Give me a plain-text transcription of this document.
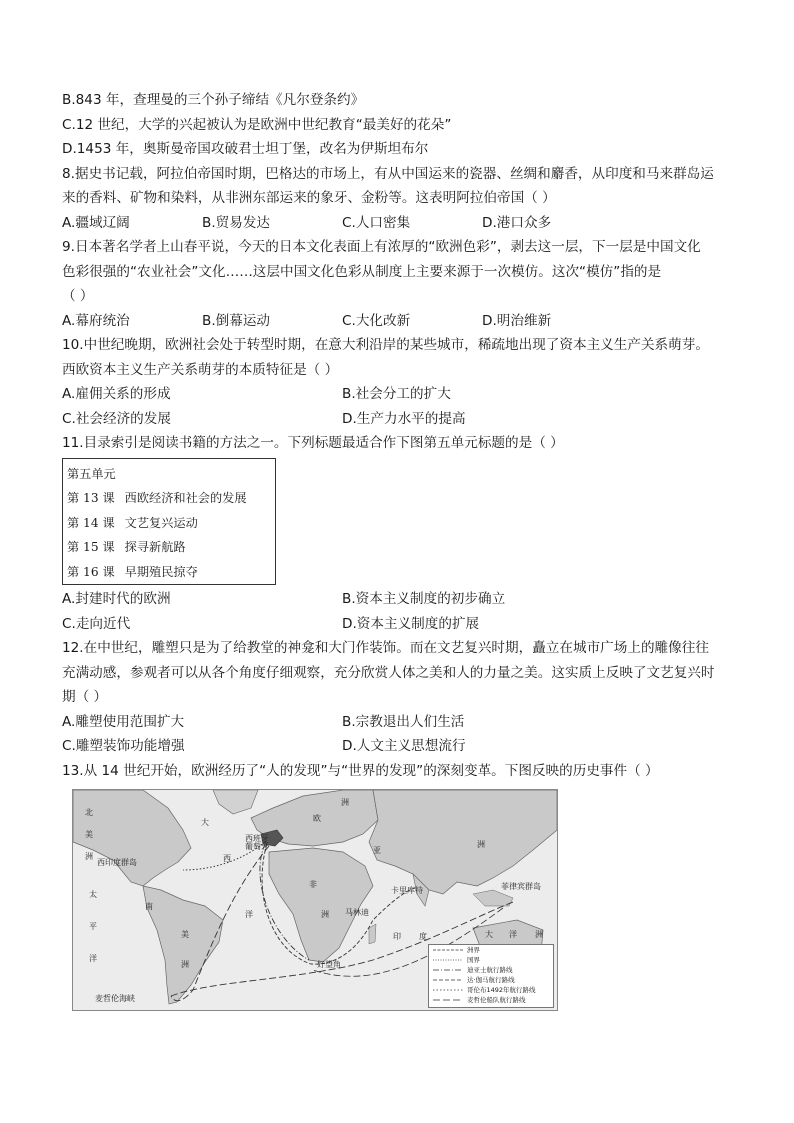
B.843 年，查理曼的三个孙子缔结《凡尔登条约》
C.12 世纪，大学的兴起被认为是欧洲中世纪教育“最美好的花朵”
D.1453 年，奥斯曼帝国攻破君士坦丁堡，改名为伊斯坦布尔
8.据史书记载，阿拉伯帝国时期，巴格达的市场上，有从中国运来的瓷器、丝绸和麝香，从印度和马来群岛运
来的香料、矿物和染料，从非洲东部运来的象牙、金粉等。这表明阿拉伯帝国（ ）
A.疆域辽阔	B.贸易发达	C.人口密集	D.港口众多
9.日本著名学者上山春平说，今天的日本文化表面上有浓厚的“欧洲色彩”，剥去这一层，下一层是中国文化
色彩很强的“农业社会”文化……这层中国文化色彩从制度上主要来源于一次模仿。这次“模仿”指的是
（ ）
A.幕府统治	B.倒幕运动	C.大化改新	D.明治维新
10.中世纪晚期，欧洲社会处于转型时期，在意大利沿岸的某些城市，稀疏地出现了资本主义生产关系萌芽。
西欧资本主义生产关系萌芽的本质特征是（ ）
A.雇佣关系的形成	B.社会分工的扩大
C.社会经济的发展	D.生产力水平的提高
11.目录索引是阅读书籍的方法之一。下列标题最适合作下图第五单元标题的是（ ）
第五单元
第 13 课 西欧经济和社会的发展
第 14 课 文艺复兴运动
第 15 课 探寻新航路
第 16 课 早期殖民掠夺
A.封建时代的欧洲	B.资本主义制度的初步确立
C.走向近代	D.资本主义制度的扩展
12.在中世纪，雕塑只是为了给教堂的神龛和大门作装饰。而在文艺复兴时期，矗立在城市广场上的雕像往往
充满动感，参观者可以从各个角度仔细观察，充分欣赏人体之美和人的力量之美。这实质上反映了文艺复兴时
期（ ）
A.雕塑使用范围扩大	B.宗教退出人们生活
C.雕塑装饰功能增强	D.人文主义思想流行
13.从 14 世纪开始，欧洲经历了“人的发现”与“世界的发现”的深刻变革。下图反映的历史事件（ ）
北
美
洲
西印度群岛
大
西
洋
南
美
洲
欧
洲
西班牙
葡萄牙	亚
洲
非
洲
卡里库特
马林迪
好望角
菲律宾群岛
印 度
太
平
洋
大 洋 洲
麦哲伦海峡
洲界
国界
迪亚士航行路线
达·伽马航行路线
哥伦布1492年航行路线
麦哲伦船队航行路线
